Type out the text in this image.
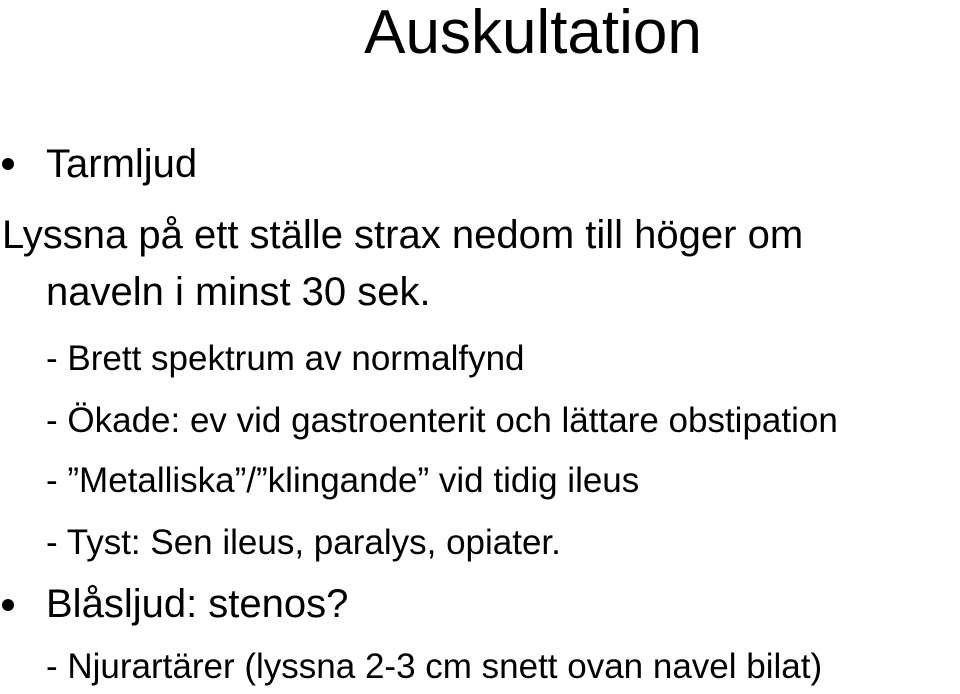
Auskultation
Tarmljud
Lyssna på ett ställe strax nedom till höger om
naveln i minst 30 sek.
- Brett spektrum av normalfynd
- Ökade: ev vid gastroenterit och lättare obstipation
- ”Metalliska”/”klingande” vid tidig ileus
- Tyst: Sen ileus, paralys, opiater.
Blåsljud: stenos?
- Njurartärer (lyssna 2-3 cm snett ovan navel bilat)
